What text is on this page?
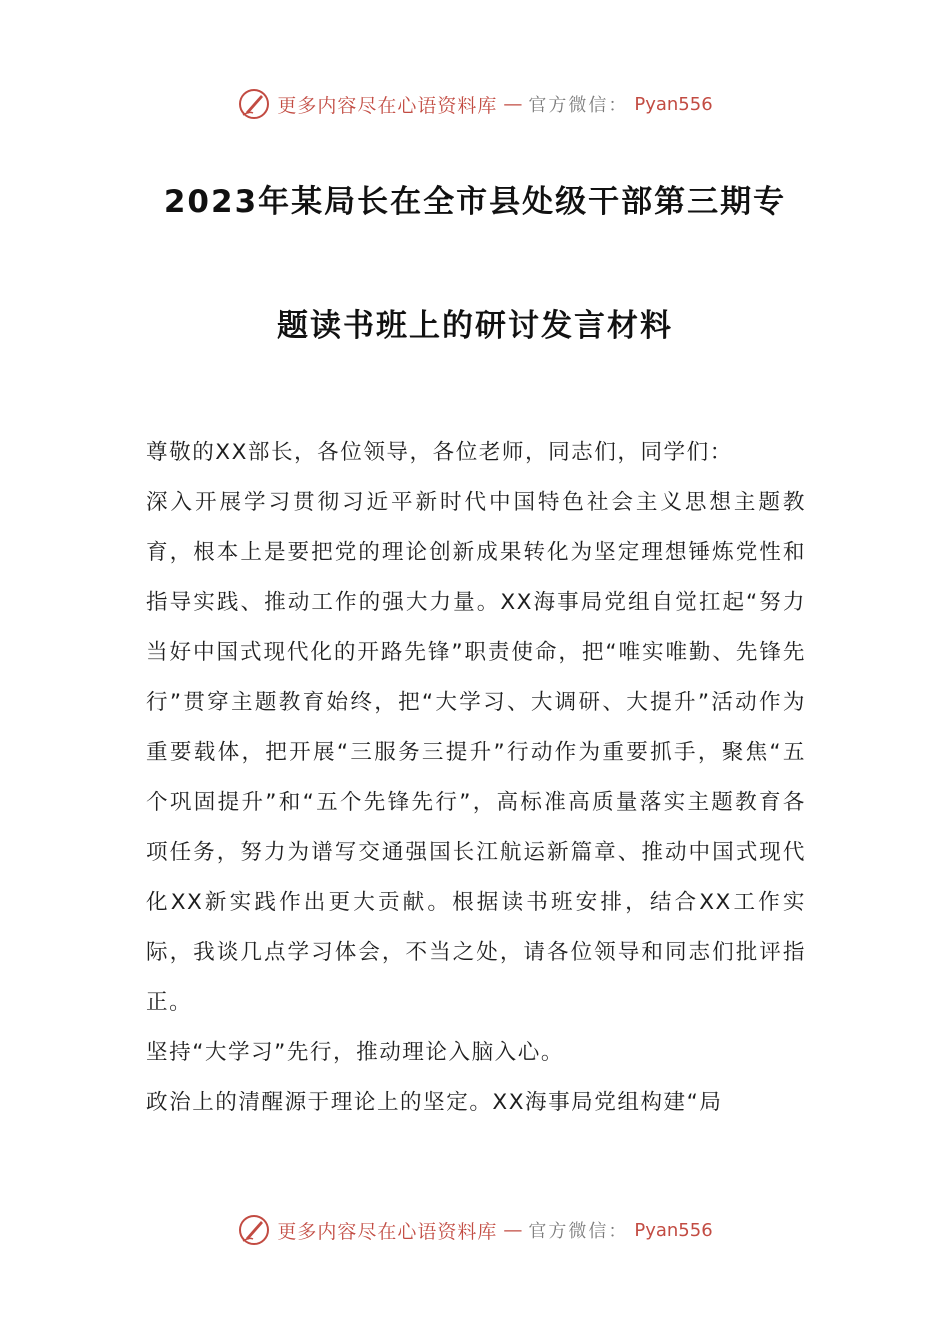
更多内容尽在心语资料库 — 官方微信： Pyan556
2023年某局长在全市县处级干部第三期专
题读书班上的研讨发言材料

尊敬的XX部长，各位领导，各位老师，同志们，同学们：

深入开展学习贯彻习近平新时代中国特色社会主义思想主题教育，根本上是要把党的理论创新成果转化为坚定理想锤炼党性和指导实践、推动工作的强大力量。XX海事局党组自觉扛起“努力当好中国式现代化的开路先锋”职责使命，把“唯实唯勤、先锋先行”贯穿主题教育始终，把“大学习、大调研、大提升”活动作为重要载体，把开展“三服务三提升”行动作为重要抓手，聚焦“五个巩固提升”和“五个先锋先行”，高标准高质量落实主题教育各项任务，努力为谱写交通强国长江航运新篇章、推动中国式现代化XX新实践作出更大贡献。根据读书班安排，结合XX工作实际，我谈几点学习体会，不当之处，请各位领导和同志们批评指正。

坚持“大学习”先行，推动理论入脑入心。

政治上的清醒源于理论上的坚定。XX海事局党组构建“局

更多内容尽在心语资料库 — 官方微信： Pyan556
